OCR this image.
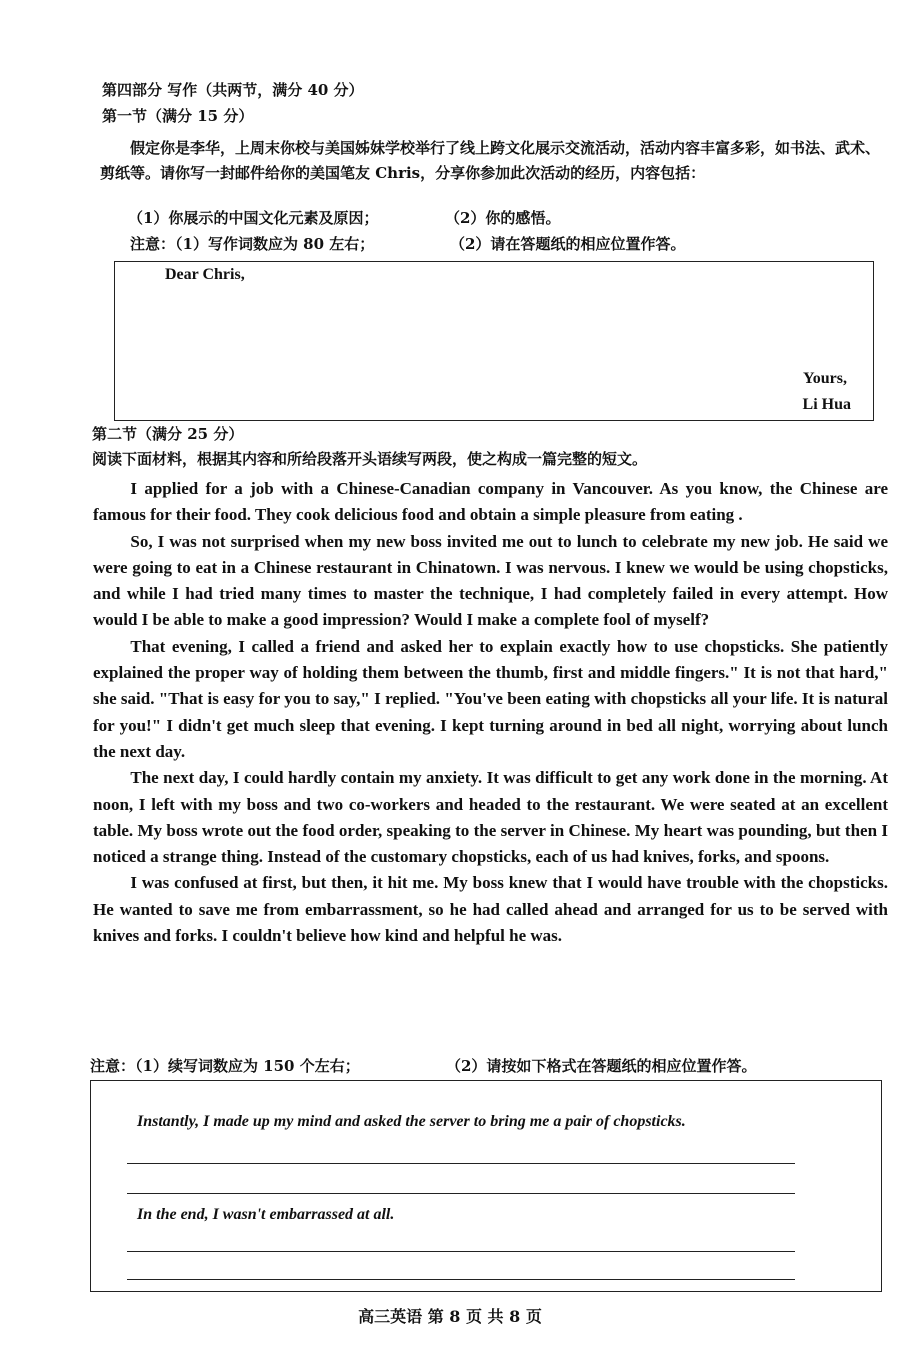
第四部分 写作（共两节，满分 40 分）
第一节（满分 15 分）
假定你是李华，上周末你校与美国姊妹学校举行了线上跨文化展示交流活动，活动内容丰富多彩，如书法、武术、剪纸等。请你写一封邮件给你的美国笔友 Chris，分享你参加此次活动的经历，内容包括：
（1）你展示的中国文化元素及原因；	（2）你的感悟。
注意：（1）写作词数应为 80 左右；	（2）请在答题纸的相应位置作答。
Dear Chris,
Yours,
Li Hua
第二节（满分 25 分）
阅读下面材料，根据其内容和所给段落开头语续写两段，使之构成一篇完整的短文。

I applied for a job with a Chinese-Canadian company in Vancouver. As you know, the Chinese are famous for their food. They cook delicious food and obtain a simple pleasure from eating .

So, I was not surprised when my new boss invited me out to lunch to celebrate my new job. He said we were going to eat in a Chinese restaurant in Chinatown. I was nervous. I knew we would be using chopsticks, and while I had tried many times to master the technique, I had completely failed in every attempt. How would I be able to make a good impression? Would I make a complete fool of myself?

That evening, I called a friend and asked her to explain exactly how to use chopsticks. She patiently explained the proper way of holding them between the thumb, first and middle fingers." It is not that hard," she said. "That is easy for you to say," I replied. "You've been eating with chopsticks all your life. It is natural for you!" I didn't get much sleep that evening. I kept turning around in bed all night, worrying about lunch the next day.

The next day, I could hardly contain my anxiety. It was difficult to get any work done in the morning. At noon, I left with my boss and two co-workers and headed to the restaurant. We were seated at an excellent table. My boss wrote out the food order, speaking to the server in Chinese. My heart was pounding, but then I noticed a strange thing. Instead of the customary chopsticks, each of us had knives, forks, and spoons.

I was confused at first, but then, it hit me. My boss knew that I would have trouble with the chopsticks. He wanted to save me from embarrassment, so he had called ahead and arranged for us to be served with knives and forks. I couldn't believe how kind and helpful he was.

注意：（1）续写词数应为 150 个左右；	（2）请按如下格式在答题纸的相应位置作答。
Instantly, I made up my mind and asked the server to bring me a pair of chopsticks.
In the end, I wasn't embarrassed at all.
高三英语 第 8 页 共 8 页
